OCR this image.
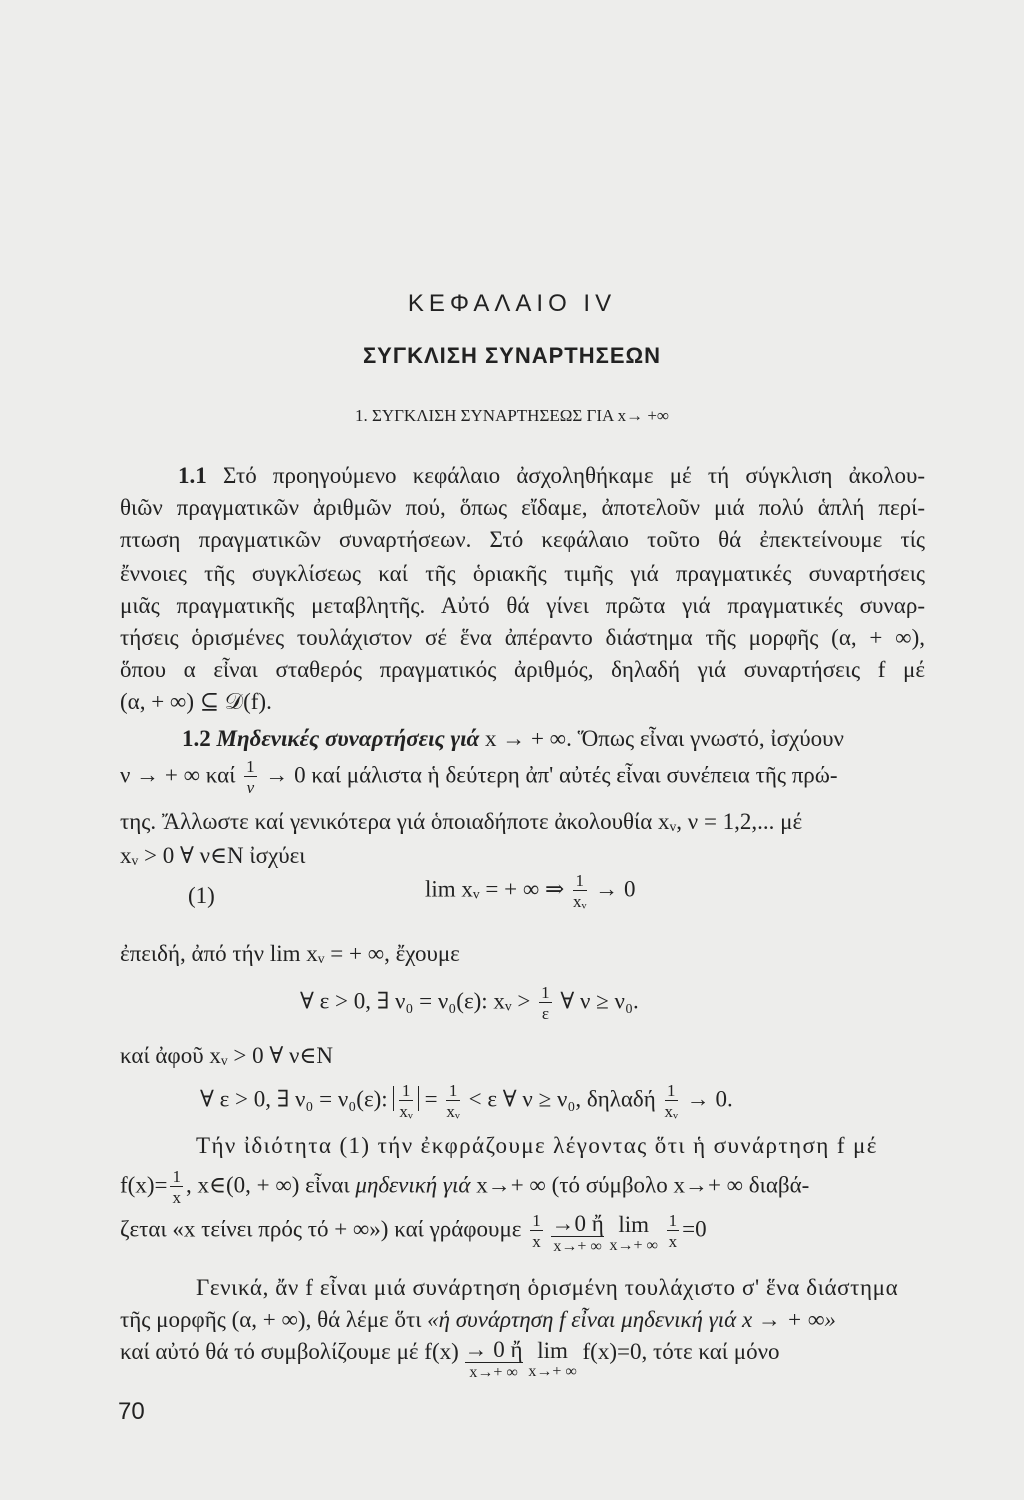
ΚΕΦΑΛΑΙΟ IV
ΣΥΓΚΛΙΣΗ ΣΥΝΑΡΤΗΣΕΩΝ
1. ΣΥΓΚΛΙΣΗ ΣΥΝΑΡΤΗΣΕΩΣ ΓΙΑ x→ +∞
1.1 Στό προηγούμενο κεφάλαιο ἀσχοληθήκαμε μέ τή σύγκλιση ἀκολου-
θιῶν πραγματικῶν ἀριθμῶν πού, ὅπως εἴδαμε, ἀποτελοῦν μιά πολύ ἁπλή περί-
πτωση πραγματικῶν συναρτήσεων. Στό κεφάλαιο τοῦτο θά ἐπεκτείνουμε τίς
ἔννοιες τῆς συγκλίσεως καί τῆς ὁριακῆς τιμῆς γιά πραγματικές συναρτήσεις
μιᾶς πραγματικῆς μεταβλητῆς. Αὐτό θά γίνει πρῶτα γιά πραγματικές συναρ-
τήσεις ὁρισμένες τουλάχιστον σέ ἕνα ἀπέραντο διάστημα τῆς μορφῆς (α, + ∞),
ὅπου α εἶναι σταθερός πραγματικός ἀριθμός, δηλαδή γιά συναρτήσεις f μέ
(α, + ∞) ⊆ 𝒟(f).
1.2 Μηδενικές συναρτήσεις γιά x → + ∞. Ὅπως εἶναι γνωστό, ἰσχύουν
ν → + ∞ καί $\frac{1}{\nu} \to 0$ καί μάλιστα ἡ δεύτερη ἀπ' αὐτές εἶναι συνέπεια τῆς πρώ-
της. Ἄλλωστε καί γενικότερα γιά ὁποιαδήποτε ἀκολουθία xᵥ, ν = 1,2,... μέ
xᵥ > 0 ∀ ν∈N ἰσχύει
(1)	lim xᵥ = + ∞ ⇒ $\frac{1}{\text{xᵥ}} \to 0$
ἐπειδή, ἀπό τήν lim xᵥ = + ∞, ἔχουμε
∀ ε > 0, ∃ ν₀ = ν₀(ε): xᵥ > $\frac{1}{\varepsilon}$ ∀ ν ≥ ν₀.
καί ἀφοῦ xᵥ > 0 ∀ ν∈N
∀ ε > 0, ∃ ν₀ = ν₀(ε): $\frac{1}{\text{xᵥ}} = \frac{1}{\text{xᵥ}} < \varepsilon$ ∀ ν ≥ ν₀, δηλαδή $\frac{1}{\text{xᵥ}} \to 0$.
Τήν ἰδιότητα (1) τήν ἐκφράζουμε λέγοντας ὅτι ἡ συνάρτηση f μέ
$f(x)= \frac{1}{x}$ , x∈(0, + ∞) εἶναι μηδενική γιά x→+ ∞ (τό σύμβολο x→+ ∞ διαβά-
ζεται «x τείνει πρός τό + ∞») καί γράφουμε $\frac{1}{x} \to 0$ ἤ
x→+ ∞
lim
x→+ ∞
$\frac{1}{x} =0$
Γενικά, ἄν f εἶναι μιά συνάρτηση ὁρισμένη τουλάχιστο σ' ἕνα διάστημα
τῆς μορφῆς (α, + ∞), θά λέμε ὅτι «ἡ συνάρτηση f εἶναι μηδενική γιά x → + ∞»
καί αὐτό θά τό συμβολίζουμε μέ f(x) → 0 ἤ
x→+ ∞
lim
x→+ ∞
f(x)=0, τότε καί μόνο
70
